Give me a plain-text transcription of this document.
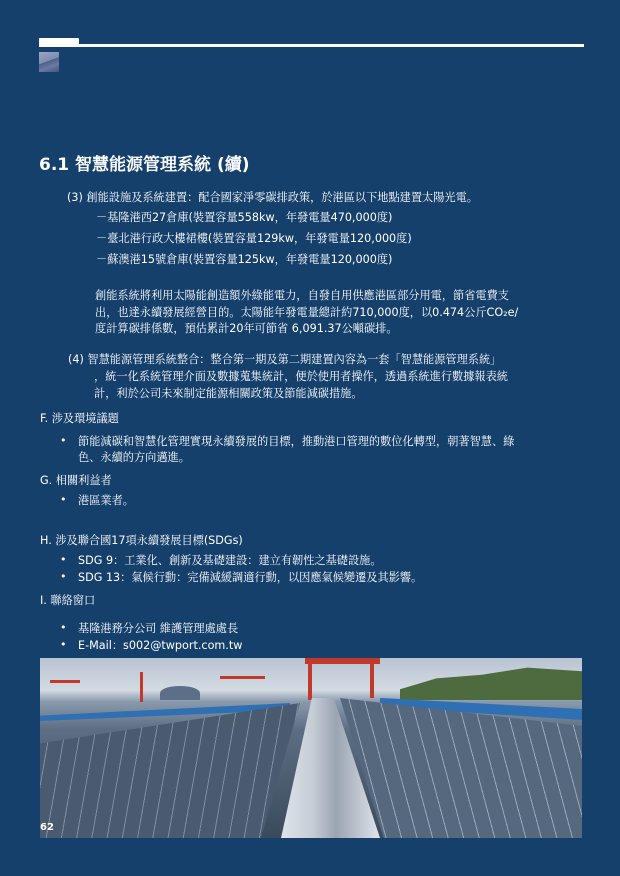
6.1 智慧能源管理系統 (續)
(3) 創能設施及系統建置：配合國家淨零碳排政策，於港區以下地點建置太陽光電。
－基隆港西27倉庫(裝置容量558kw，年發電量470,000度)
－臺北港行政大樓裙樓(裝置容量129kw，年發電量120,000度)
－蘇澳港15號倉庫(裝置容量125kw，年發電量120,000度)
創能系統將利用太陽能創造額外綠能電力，自發自用供應港區部分用電，節省電費支
出，也達永續發展經營目的。太陽能年發電量總計約710,000度，以0.474公斤CO₂e/
度計算碳排係數，預估累計20年可節省 6,091.37公噸碳排。
(4) 智慧能源管理系統整合：整合第一期及第二期建置內容為一套「智慧能源管理系統」
，統一化系統管理介面及數據蒐集統計，便於使用者操作，透過系統進行數據報表統
計，利於公司未來制定能源相關政策及節能減碳措施。
F. 涉及環境議題
• 節能減碳和智慧化管理實現永續發展的目標，推動港口管理的數位化轉型，朝著智慧、綠
色、永續的方向邁進。
G. 相關利益者
• 港區業者。
H. 涉及聯合國17項永續發展目標(SDGs)
• SDG 9：工業化、創新及基礎建設：建立有韌性之基礎設施。
• SDG 13：氣候行動：完備減緩調適行動，以因應氣候變遷及其影響。
I. 聯絡窗口
• 基隆港務分公司 維護管理處處長
• E-Mail：s002@twport.com.tw
62
